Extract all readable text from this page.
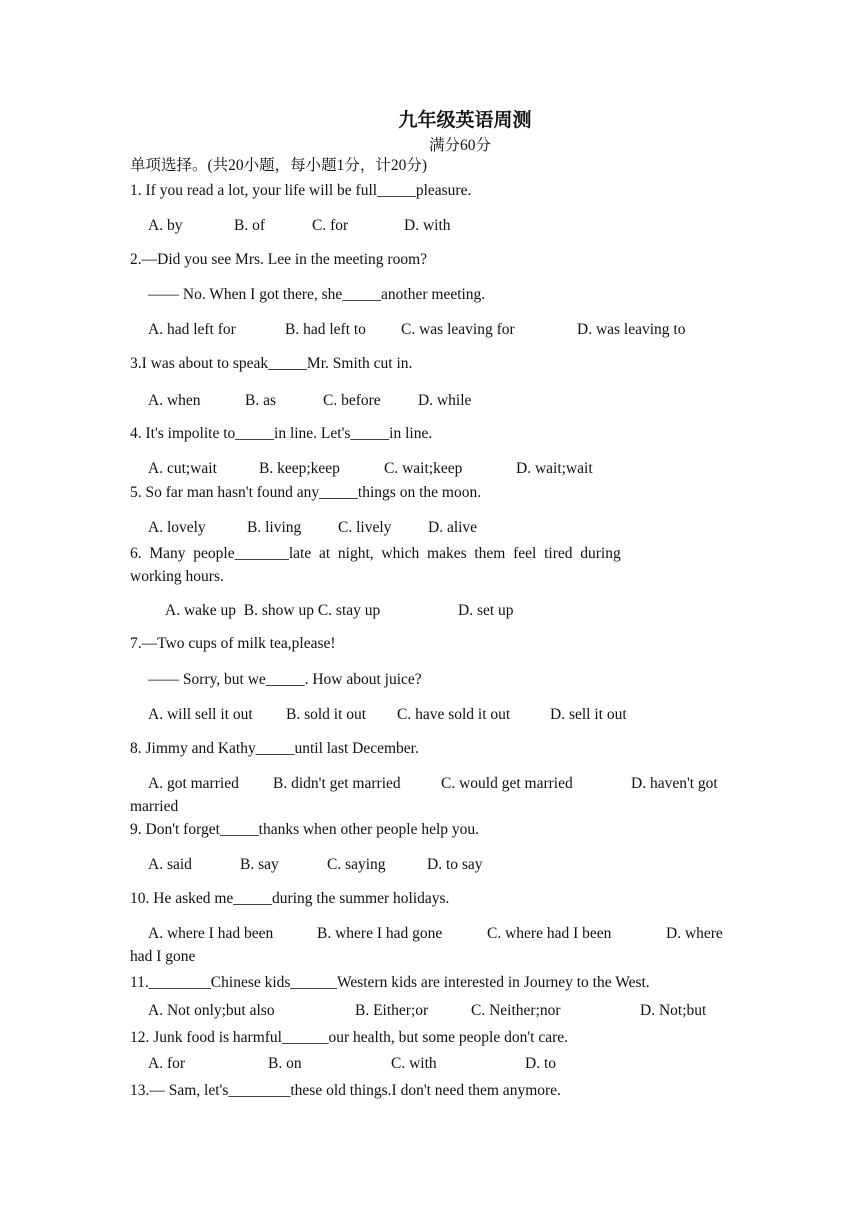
九年级英语周测
满分60分
单项选择。(共20小题，每小题1分，计20分)
1. If you read a lot, your life will be full_____pleasure.
A. by	B. of	C. for	D. with
2.—Did you see Mrs. Lee in the meeting room?
—— No. When I got there, she_____another meeting.
A. had left for	B. had left to C. was leaving for	D. was leaving to
3.I was about to speak_____Mr. Smith cut in.
A. when	B. as	C. before D. while
4. It's impolite to_____in line. Let's_____in line.
A. cut;wait	B. keep;keep	C. wait;keep	D. wait;wait
5. So far man hasn't found any_____things on the moon.
A. lovely	B. living C. lively D. alive
6.  Many  people_______late  at  night,  which  makes  them  feel  tired  during
working hours.
A. wake up  B. show up C. stay up	D. set up
7.—Two cups of milk tea,please!
—— Sorry, but we_____. How about juice?
A. will sell it out B. sold it out C. have sold it out	D. sell it out
8. Jimmy and Kathy_____until last December.
A. got married B. didn't get married	C. would get married	D. haven't got
married
9. Don't forget_____thanks when other people help you.
A. said	B. say	C. saying	D. to say
10. He asked me_____during the summer holidays.
A. where I had been	B. where I had gone	C. where had I been	D. where
had I gone
11.________Chinese kids______Western kids are interested in Journey to the West.
A. Not only;but also	B. Either;or	C. Neither;nor	D. Not;but
12. Junk food is harmful______our health, but some people don't care.
A. for	B. on	C. with	D. to
13.— Sam, let's________these old things.I don't need them anymore.
